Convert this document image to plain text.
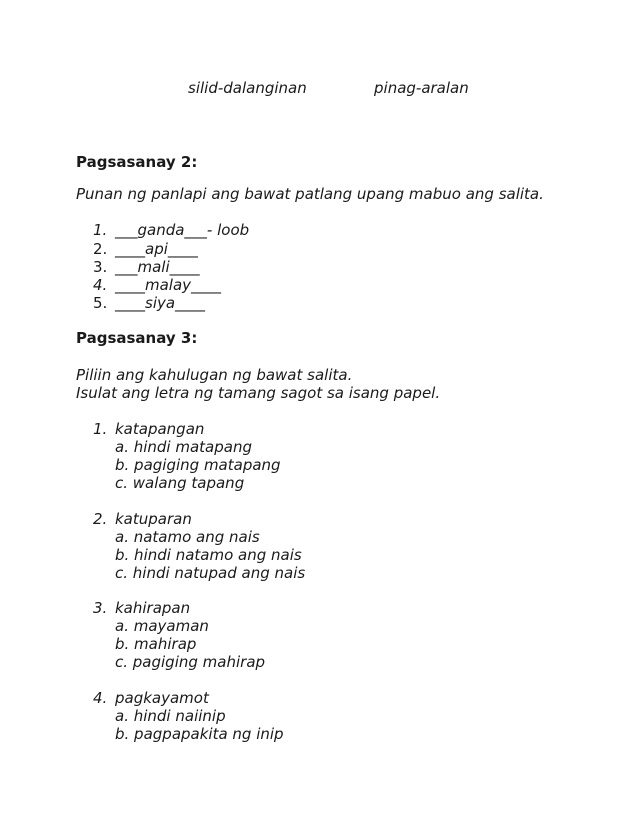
silid-dalanginan	pinag-aralan
Pagsasanay 2:
Punan ng panlapi ang bawat patlang upang mabuo ang salita.
1. ___ganda___- loob
2. ____api____
3. ___mali____
4. ____malay____
5. ____siya____
Pagsasanay 3:
Piliin ang kahulugan ng bawat salita.
Isulat ang letra ng tamang sagot sa isang papel.
1. katapangan
a. hindi matapang
b. pagiging matapang
c. walang tapang
2. katuparan
a. natamo ang nais
b. hindi natamo ang nais
c. hindi natupad ang nais
3. kahirapan
a. mayaman
b. mahirap
c. pagiging mahirap
4. pagkayamot
a. hindi naiinip
b. pagpapakita ng inip
